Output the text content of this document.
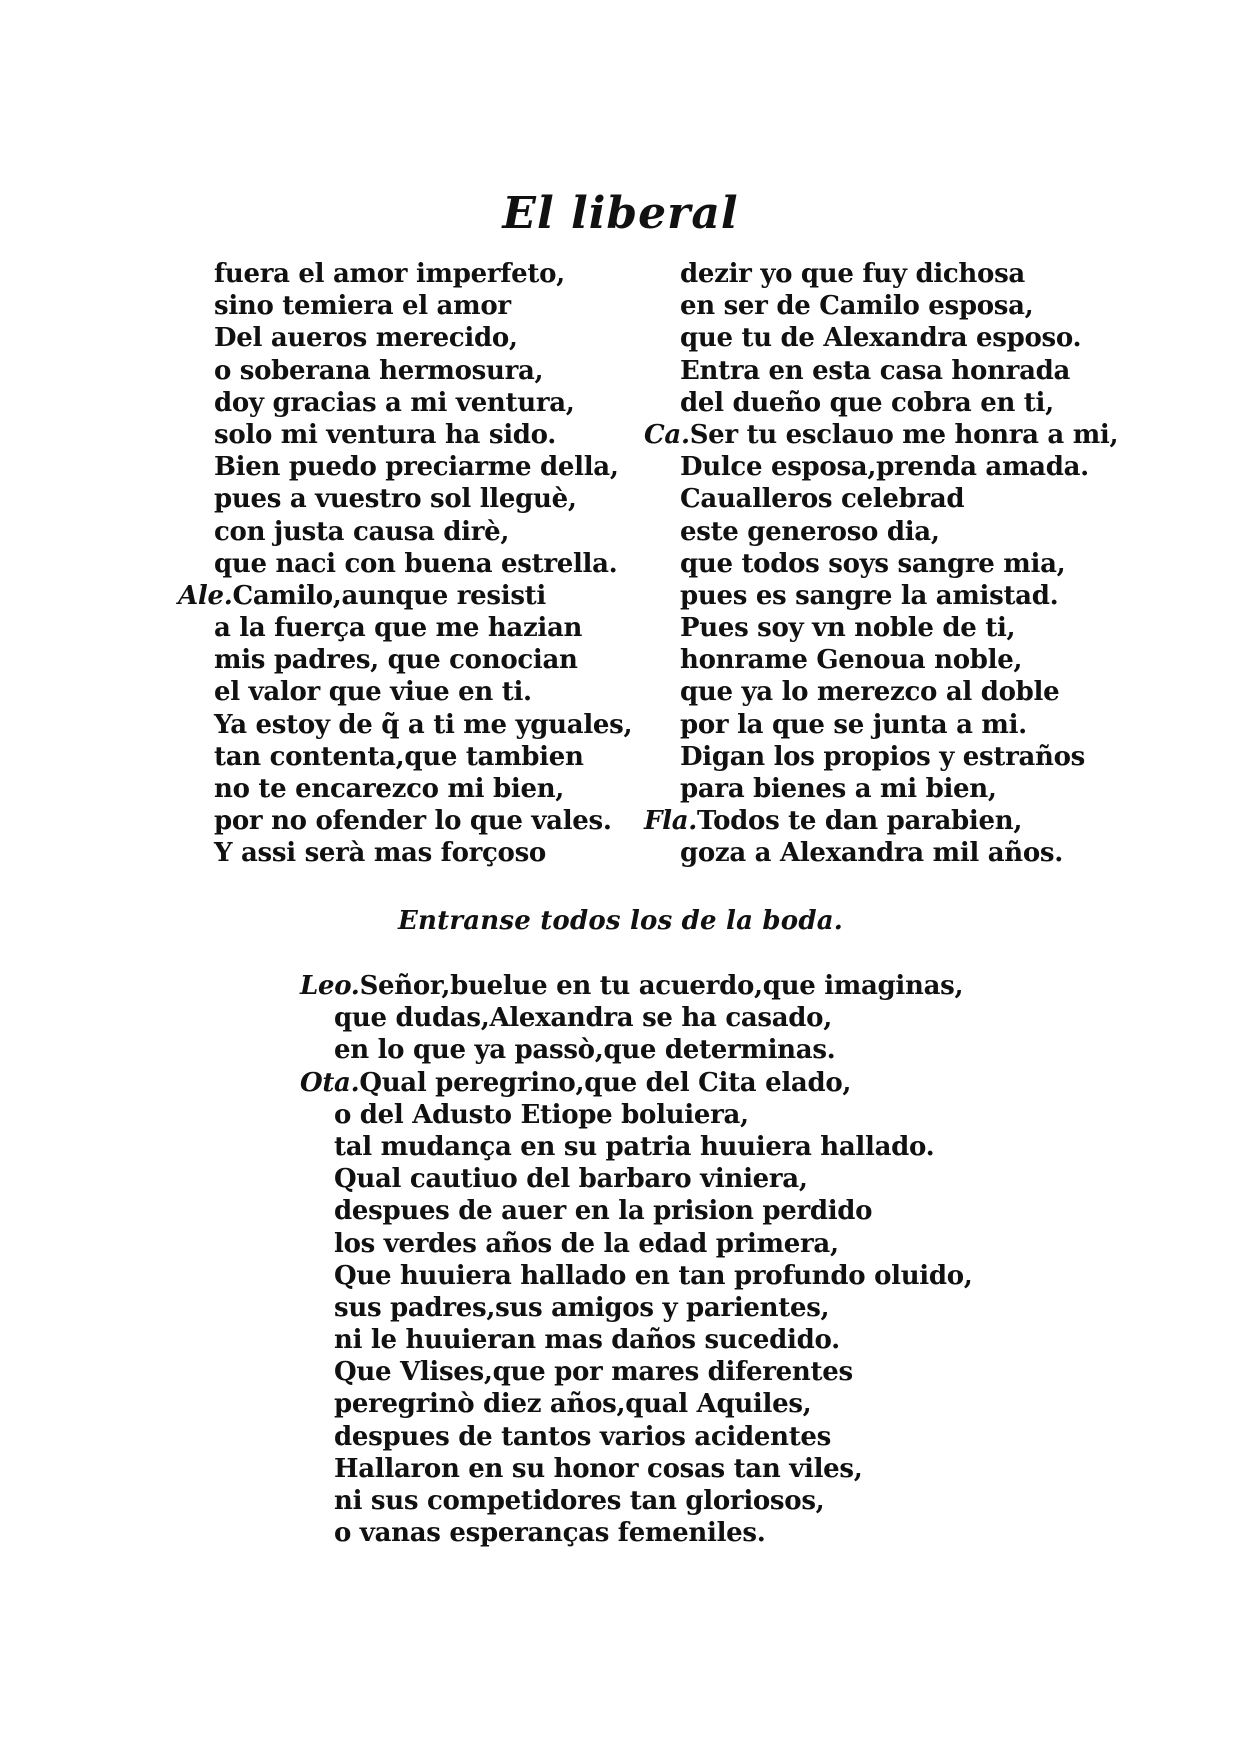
El liberal
fuera el amor imperfeto,
sino temiera el amor
Del aueros merecido,
o soberana hermosura,
doy gracias a mi ventura,
solo mi ventura ha sido.
Bien puedo preciarme della,
pues a vuestro sol lleguè,
con justa causa dirè,
que naci con buena estrella.
Ale.Camilo,aunque resisti
a la fuerça que me hazian
mis padres, que conocian
el valor que viue en ti.
Ya estoy de q̃ a ti me yguales,
tan contenta,que tambien
no te encarezco mi bien,
por no ofender lo que vales.
Y assi serà mas forçoso
dezir yo que fuy dichosa
en ser de Camilo esposa,
que tu de Alexandra esposo.
Entra en esta casa honrada
del dueño que cobra en ti,
Ca.Ser tu esclauo me honra a mi,
Dulce esposa,prenda amada.
Caualleros celebrad
este generoso dia,
que todos soys sangre mia,
pues es sangre la amistad.
Pues soy vn noble de ti,
honrame Genoua noble,
que ya lo merezco al doble
por la que se junta a mi.
Digan los propios y estraños
para bienes a mi bien,
Fla.Todos te dan parabien,
goza a Alexandra mil años.
Entranse todos los de la boda.
Leo.Señor,buelue en tu acuerdo,que imaginas,
que dudas,Alexandra se ha casado,
en lo que ya passò,que determinas.
Ota.Qual peregrino,que del Cita elado,
o del Adusto Etiope boluiera,
tal mudança en su patria huuiera hallado.
Qual cautiuo del barbaro viniera,
despues de auer en la prision perdido
los verdes años de la edad primera,
Que huuiera hallado en tan profundo oluido,
sus padres,sus amigos y parientes,
ni le huuieran mas daños sucedido.
Que Vlises,que por mares diferentes
peregrinò diez años,qual Aquiles,
despues de tantos varios acidentes
Hallaron en su honor cosas tan viles,
ni sus competidores tan gloriosos,
o vanas esperanças femeniles.
